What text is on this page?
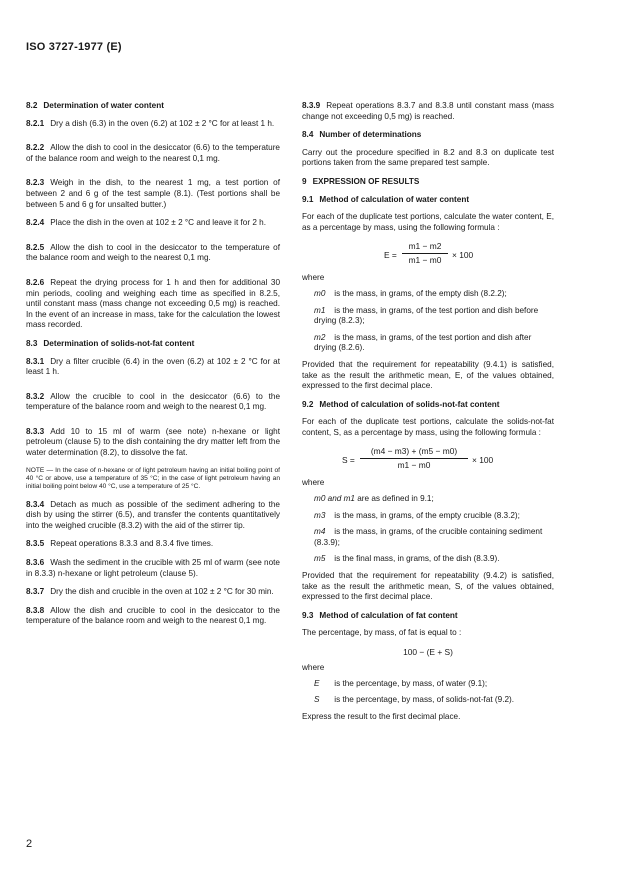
ISO 3727-1977 (E)
8.2 Determination of water content
8.2.1 Dry a dish (6.3) in the oven (6.2) at 102 ± 2 °C for at least 1 h.
8.2.2 Allow the dish to cool in the desiccator (6.6) to the temperature of the balance room and weigh to the nearest 0,1 mg.
8.2.3 Weigh in the dish, to the nearest 1 mg, a test portion of between 2 and 6 g of the test sample (8.1). (Test portions shall be between 5 and 6 g for unsalted butter.)
8.2.4 Place the dish in the oven at 102 ± 2 °C and leave it for 2 h.
8.2.5 Allow the dish to cool in the desiccator to the temperature of the balance room and weigh to the nearest 0,1 mg.
8.2.6 Repeat the drying process for 1 h and then for additional 30 min periods, cooling and weighing each time as specified in 8.2.5, until constant mass (mass change not exceeding 0,5 mg) is reached. In the event of an increase in mass, take for the calculation the lowest mass recorded.
8.3 Determination of solids-not-fat content
8.3.1 Dry a filter crucible (6.4) in the oven (6.2) at 102 ± 2 °C for at least 1 h.
8.3.2 Allow the crucible to cool in the desiccator (6.6) to the temperature of the balance room and weigh to the nearest 0,1 mg.
8.3.3 Add 10 to 15 ml of warm (see note) n-hexane or light petroleum (clause 5) to the dish containing the dry matter left from the water determination (8.2), to dissolve the fat.
NOTE — In the case of n-hexane or of light petroleum having an initial boiling point of 40 °C or above, use a temperature of 35 °C; in the case of light petroleum having an initial boiling point below 40 °C, use a temperature of 25 °C.
8.3.4 Detach as much as possible of the sediment adhering to the dish by using the stirrer (6.5), and transfer the contents quantitatively into the weighed crucible (8.3.2) with the aid of the stirrer tip.
8.3.5 Repeat operations 8.3.3 and 8.3.4 five times.
8.3.6 Wash the sediment in the crucible with 25 ml of warm (see note in 8.3.3) n-hexane or light petroleum (clause 5).
8.3.7 Dry the dish and crucible in the oven at 102 ± 2 °C for 30 min.
8.3.8 Allow the dish and crucible to cool in the desiccator to the temperature of the balance room and weigh to the nearest 0,1 mg.
8.3.9 Repeat operations 8.3.7 and 8.3.8 until constant mass (mass change not exceeding 0,5 mg) is reached.
8.4 Number of determinations
Carry out the procedure specified in 8.2 and 8.3 on duplicate test portions taken from the same prepared test sample.
9 EXPRESSION OF RESULTS
9.1 Method of calculation of water content
For each of the duplicate test portions, calculate the water content, E, as a percentage by mass, using the following formula :
E =
m1 − m2
m1 − m0	× 100
where
m0 is the mass, in grams, of the empty dish (8.2.2);
m1 is the mass, in grams, of the test portion and dish before drying (8.2.3);
m2 is the mass, in grams, of the test portion and dish after drying (8.2.6).
Provided that the requirement for repeatability (9.4.1) is satisfied, take as the result the arithmetic mean, E, of the values obtained, expressed to the first decimal place.
9.2 Method of calculation of solids-not-fat content
For each of the duplicate test portions, calculate the solids-not-fat content, S, as a percentage by mass, using the following formula :
S =
(m4 − m3) + (m5 − m0)
m1 − m0	× 100
where
m0 and m1 are as defined in 9.1;
m3 is the mass, in grams, of the empty crucible (8.3.2);
m4 is the mass, in grams, of the crucible containing sediment (8.3.9);
m5 is the final mass, in grams, of the dish (8.3.9).
Provided that the requirement for repeatability (9.4.2) is satisfied, take as the result the arithmetic mean, S, of the values obtained, expressed to the first decimal place.
9.3 Method of calculation of fat content
The percentage, by mass, of fat is equal to :
100 − (E + S)
where
E is the percentage, by mass, of water (9.1);
S is the percentage, by mass, of solids-not-fat (9.2).
Express the result to the first decimal place.
2
